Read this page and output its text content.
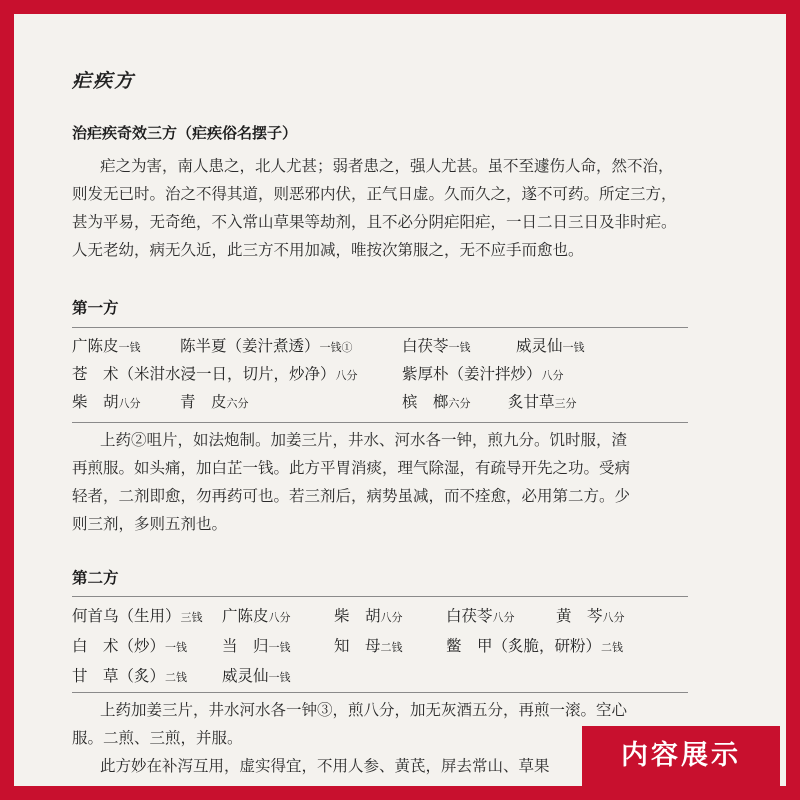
疟疾方
治疟疾奇效三方（疟疾俗名摆子）

疟之为害，南人患之，北人尤甚；弱者患之，强人尤甚。虽不至遽伤人命，然不治，

则发无已时。治之不得其道，则恶邪内伏，正气日虚。久而久之，遂不可药。所定三方，

甚为平易，无奇绝，不入常山草果等劫剂，且不必分阴疟阳疟，一日二日三日及非时疟。

人无老幼，病无久近，此三方不用加减，唯按次第服之，无不应手而愈也。

第一方
广陈皮一钱	陈半夏（姜汁煮透）一钱①	白茯苓一钱	威灵仙一钱
苍　术（米泔水浸一日，切片，炒净）八分	紫厚朴（姜汁拌炒）八分
柴　胡八分	青　皮六分	槟　榔六分 炙甘草三分

上药②咀片，如法炮制。加姜三片，井水、河水各一钟，煎九分。饥时服，渣

再煎服。如头痛，加白芷一钱。此方平胃消痰，理气除湿，有疏导开先之功。受病

轻者，二剂即愈，勿再药可也。若三剂后，病势虽减，而不痊愈，必用第二方。少

则三剂，多则五剂也。

第二方
何首乌（生用）三钱 广陈皮八分	柴　胡八分	白茯苓八分	黄　芩八分
白　术（炒）一钱 当　归一钱	知　母二钱	鳖　甲（炙脆，研粉）二钱
甘　草（炙）二钱 威灵仙一钱

上药加姜三片，井水河水各一钟③，煎八分，加无灰酒五分，再煎一滚。空心

服。二煎、三煎，并服。

此方妙在补泻互用，虚实得宜，不用人参、黄芪，屏去常山、草果	内容展示
